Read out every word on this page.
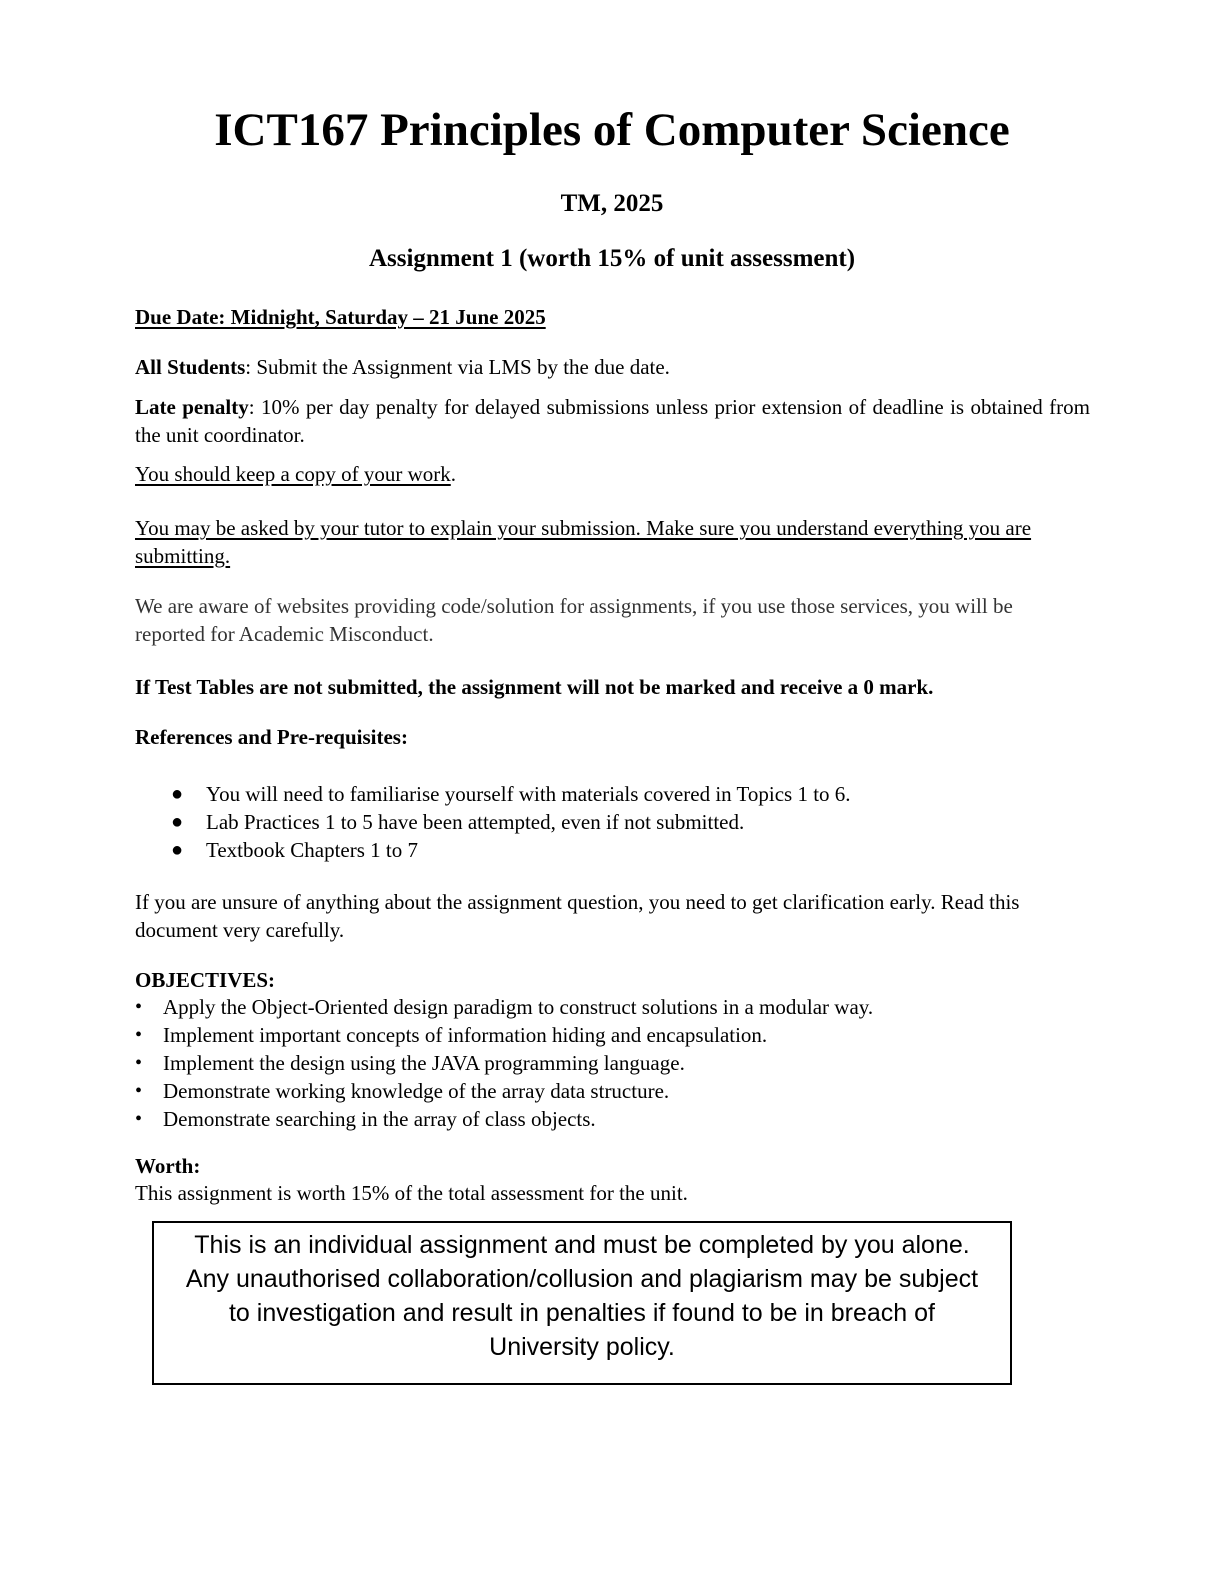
ICT167 Principles of Computer Science

TM, 2025

Assignment 1 (worth 15% of unit assessment)

Due Date: Midnight, Saturday – 21 June 2025

All Students: Submit the Assignment via LMS by the due date.

Late penalty: 10% per day penalty for delayed submissions unless prior extension of deadline is obtained from the unit coordinator.

You should keep a copy of your work.

You may be asked by your tutor to explain your submission. Make sure you understand everything you are submitting.

We are aware of websites providing code/solution for assignments, if you use those services, you will be reported for Academic Misconduct.

If Test Tables are not submitted, the assignment will not be marked and receive a 0 mark.

References and Pre-requisites:

● You will need to familiarise yourself with materials covered in Topics 1 to 6.
● Lab Practices 1 to 5 have been attempted, even if not submitted.
● Textbook Chapters 1 to 7

If you are unsure of anything about the assignment question, you need to get clarification early. Read this document very carefully.

OBJECTIVES:

• Apply the Object-Oriented design paradigm to construct solutions in a modular way.
• Implement important concepts of information hiding and encapsulation.
• Implement the design using the JAVA programming language.
• Demonstrate working knowledge of the array data structure.
• Demonstrate searching in the array of class objects.

Worth:

This assignment is worth 15% of the total assessment for the unit.

This is an individual assignment and must be completed by you alone.
Any unauthorised collaboration/collusion and plagiarism may be subject
to investigation and result in penalties if found to be in breach of
University policy.
